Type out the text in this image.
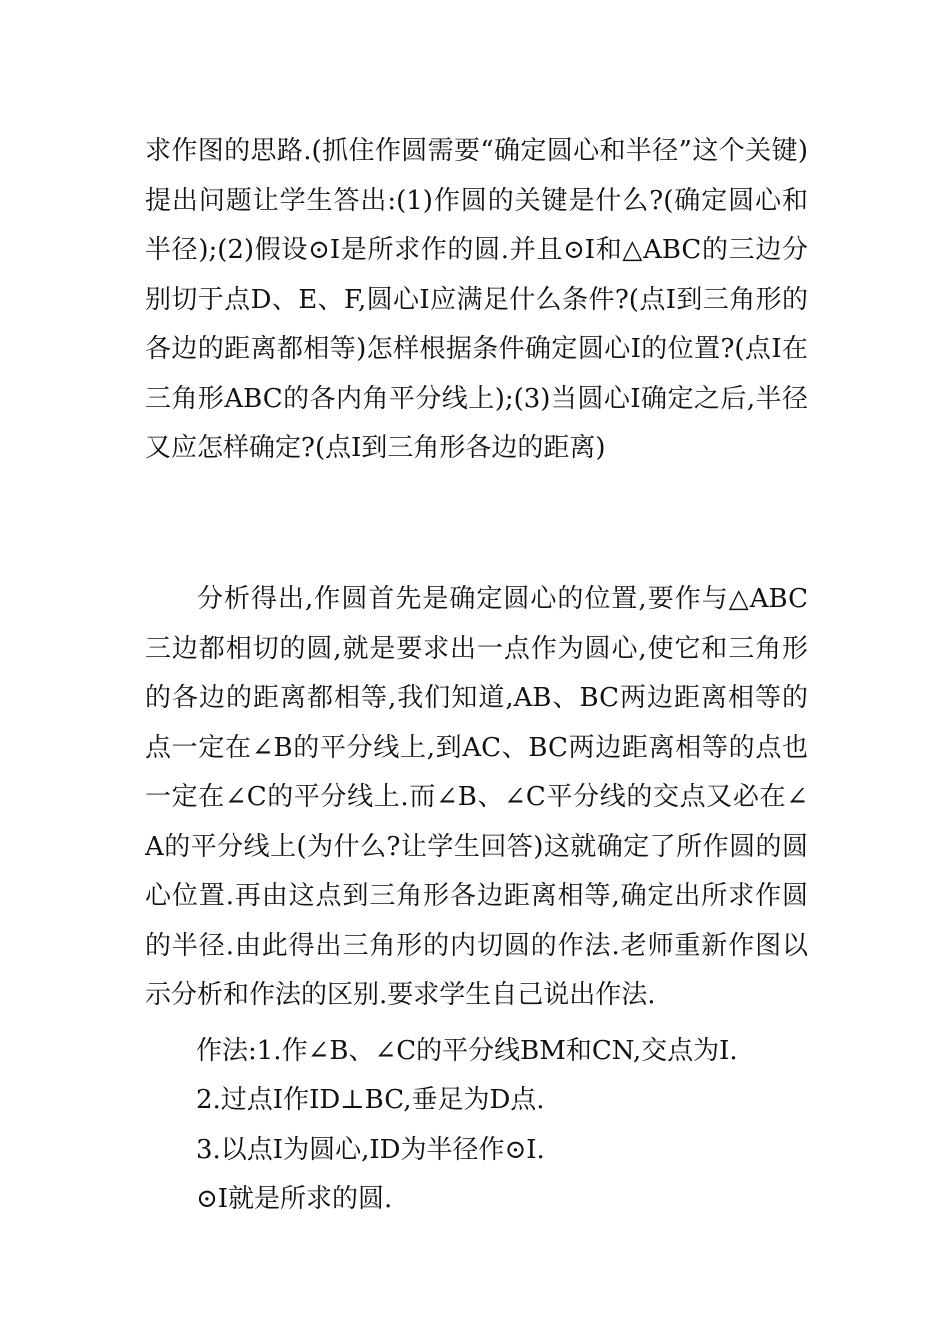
求作图的思路.(抓住作圆需要“确定圆心和半径”这个关键)提出问题让学生答出:(1)作圆的关键是什么?(确定圆心和半径);(2)假设⊙I是所求作的圆.并且⊙I和△ABC的三边分别切于点D、E、F,圆心I应满足什么条件?(点I到三角形的各边的距离都相等)怎样根据条件确定圆心I的位置?(点I在三角形ABC的各内角平分线上);(3)当圆心I确定之后,半径又应怎样确定?(点I到三角形各边的距离)

分析得出,作圆首先是确定圆心的位置,要作与△ABC三边都相切的圆,就是要求出一点作为圆心,使它和三角形的各边的距离都相等,我们知道,AB、BC两边距离相等的点一定在∠B的平分线上,到AC、BC两边距离相等的点也一定在∠C的平分线上.而∠B、∠C平分线的交点又必在∠A的平分线上(为什么?让学生回答)这就确定了所作圆的圆心位置.再由这点到三角形各边距离相等,确定出所求作圆的半径.由此得出三角形的内切圆的作法.老师重新作图以示分析和作法的区别.要求学生自己说出作法.

作法:1.作∠B、∠C的平分线BM和CN,交点为I.

2.过点I作ID⊥BC,垂足为D点.

3.以点I为圆心,ID为半径作⊙I.

⊙I就是所求的圆.
